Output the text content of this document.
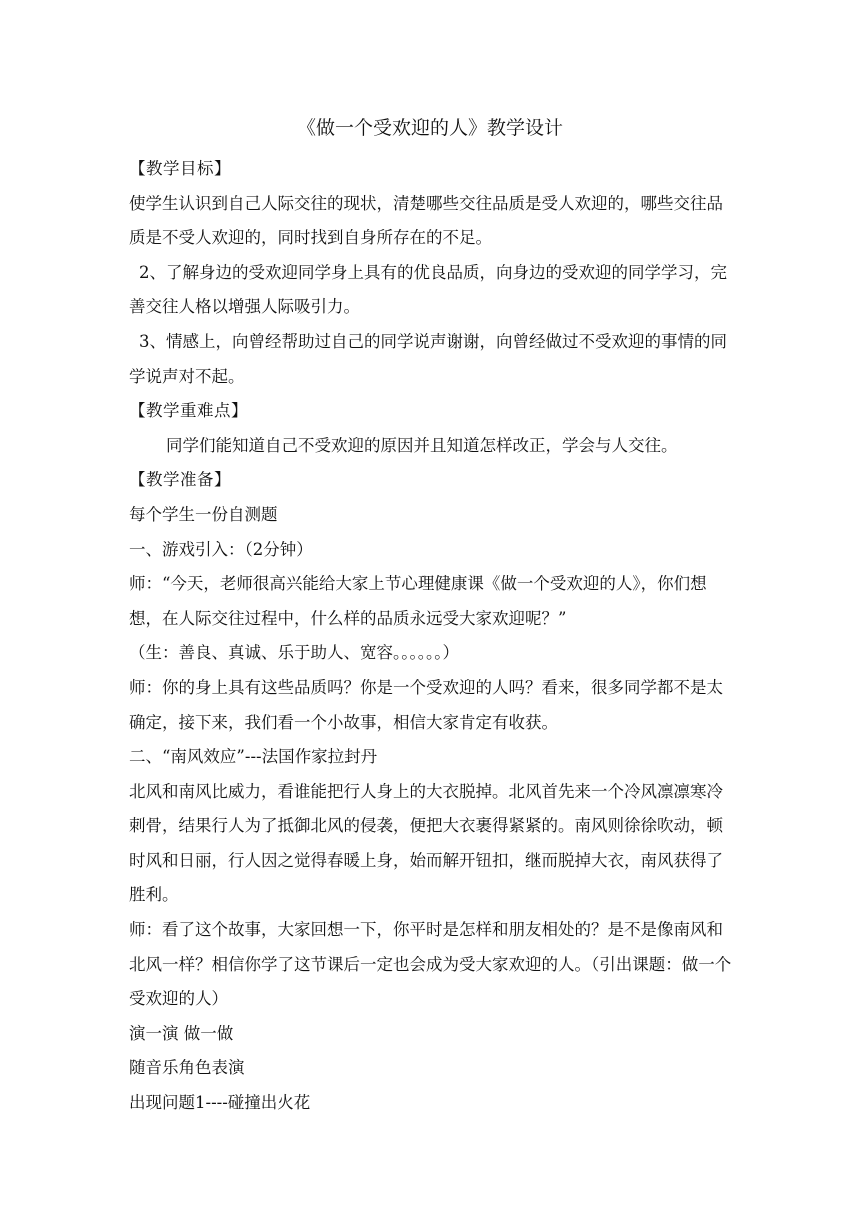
《做一个受欢迎的人》教学设计

【教学目标】

使学生认识到自己人际交往的现状，清楚哪些交往品质是受人欢迎的，哪些交往品质是不受人欢迎的，同时找到自身所存在的不足。

2、了解身边的受欢迎同学身上具有的优良品质，向身边的受欢迎的同学学习，完善交往人格以增强人际吸引力。

3、情感上，向曾经帮助过自己的同学说声谢谢，向曾经做过不受欢迎的事情的同学说声对不起。

【教学重难点】

同学们能知道自己不受欢迎的原因并且知道怎样改正，学会与人交往。

【教学准备】

每个学生一份自测题

一、游戏引入：（2分钟）

师：“今天，老师很高兴能给大家上节心理健康课《做一个受欢迎的人》，你们想想，在人际交往过程中，什么样的品质永远受大家欢迎呢？”

（生：善良、真诚、乐于助人、宽容。。。。。。）

师：你的身上具有这些品质吗？你是一个受欢迎的人吗？看来，很多同学都不是太确定，接下来，我们看一个小故事，相信大家肯定有收获。

二、“南风效应”---法国作家拉封丹

北风和南风比威力，看谁能把行人身上的大衣脱掉。北风首先来一个冷风凛凛寒冷刺骨，结果行人为了抵御北风的侵袭，便把大衣裹得紧紧的。南风则徐徐吹动，顿时风和日丽，行人因之觉得春暖上身，始而解开钮扣，继而脱掉大衣，南风获得了胜利。

师：看了这个故事，大家回想一下，你平时是怎样和朋友相处的？是不是像南风和北风一样？相信你学了这节课后一定也会成为受大家欢迎的人。（引出课题：做一个受欢迎的人）

演一演 做一做

随音乐角色表演

出现问题1----碰撞出火花
